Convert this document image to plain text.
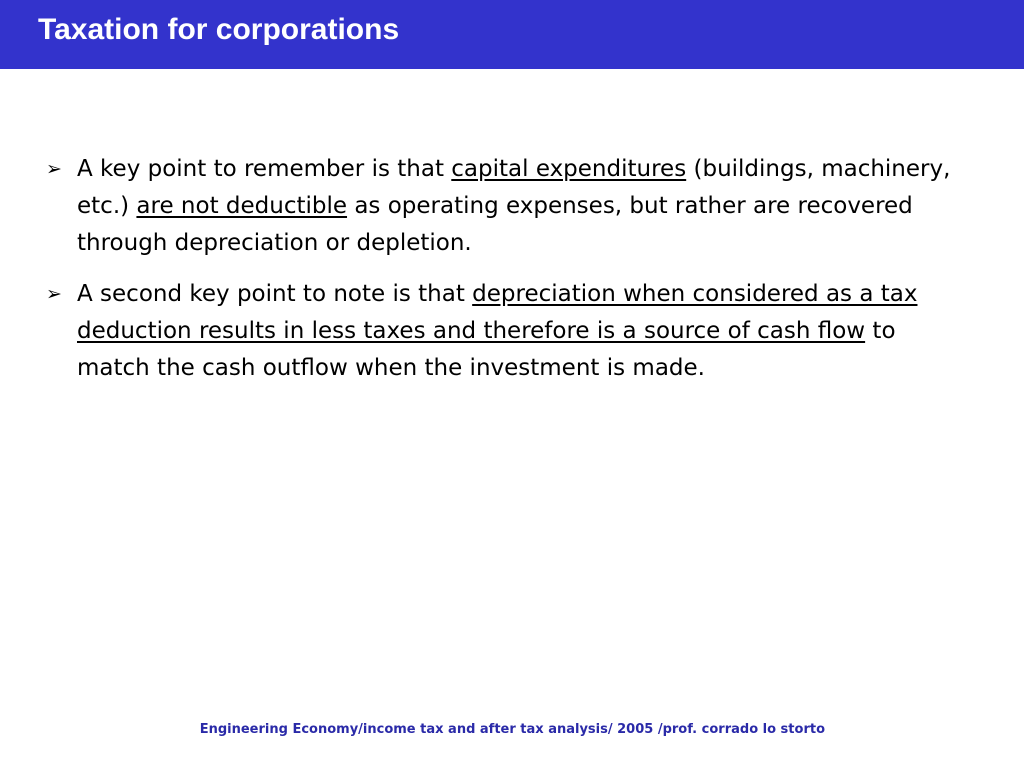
Taxation for corporations
➢ A key point to remember is that capital expenditures (buildings, machinery, etc.) are not deductible as operating expenses, but rather are recovered through depreciation or depletion.
➢ A second key point to note is that depreciation when considered as a tax deduction results in less taxes and therefore is a source of cash flow to match the cash outflow when the investment is made.
Engineering Economy/income tax and after tax analysis/ 2005 /prof. corrado lo storto
